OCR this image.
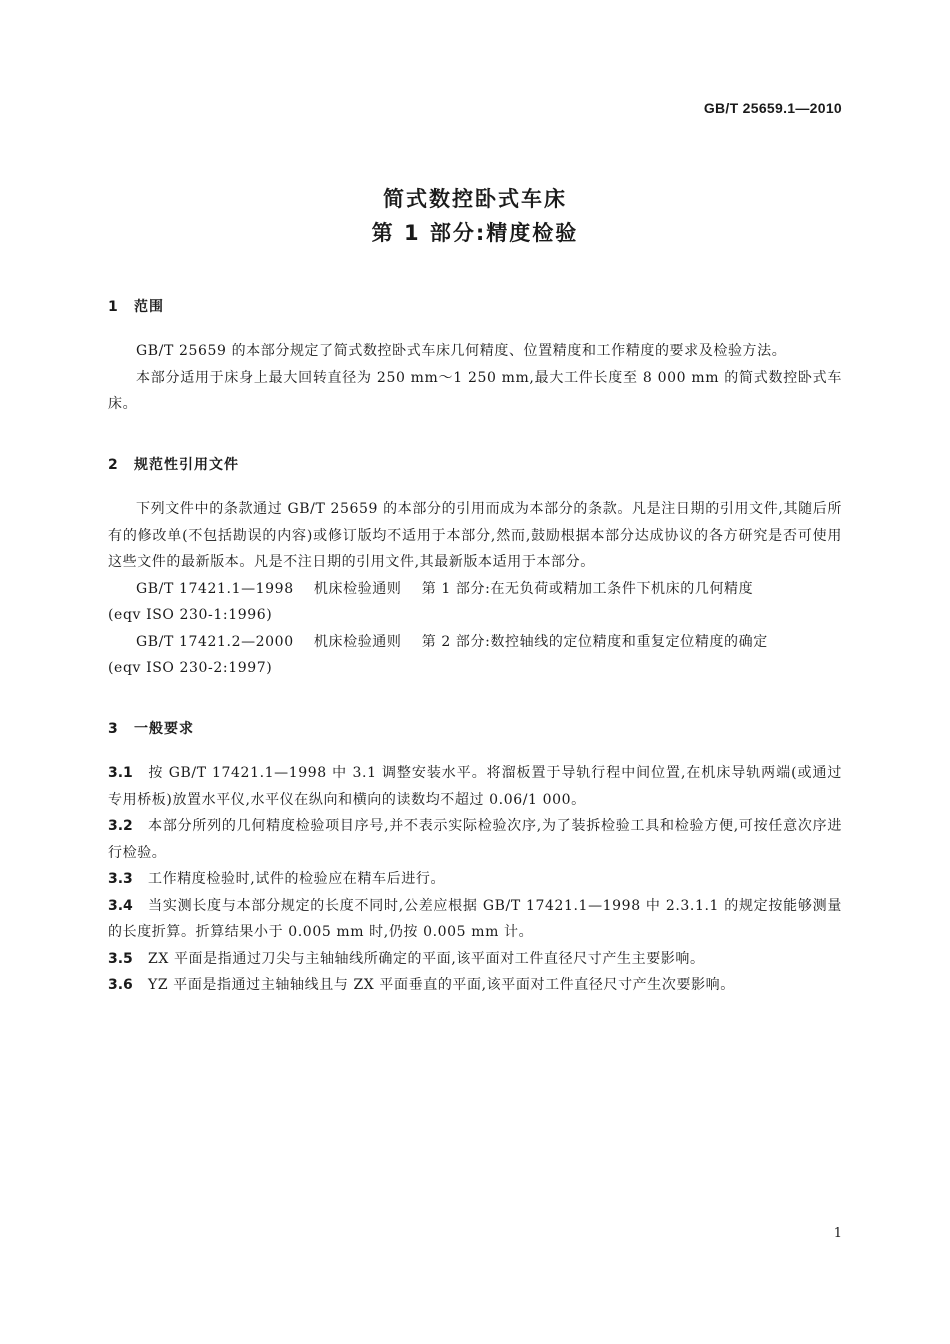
GB/T 25659.1—2010
简式数控卧式车床
第 1 部分:精度检验
1 范围

GB/T 25659 的本部分规定了简式数控卧式车床几何精度、位置精度和工作精度的要求及检验方法。

本部分适用于床身上最大回转直径为 250 mm～1 250 mm,最大工件长度至 8 000 mm 的简式数控卧式车床。

2 规范性引用文件

下列文件中的条款通过 GB/T 25659 的本部分的引用而成为本部分的条款。凡是注日期的引用文件,其随后所有的修改单(不包括勘误的内容)或修订版均不适用于本部分,然而,鼓励根据本部分达成协议的各方研究是否可使用这些文件的最新版本。凡是不注日期的引用文件,其最新版本适用于本部分。

GB/T 17421.1—1998 机床检验通则 第 1 部分:在无负荷或精加工条件下机床的几何精度
(eqv ISO 230-1:1996)
GB/T 17421.2—2000 机床检验通则 第 2 部分:数控轴线的定位精度和重复定位精度的确定
(eqv ISO 230-2:1997)
3 一般要求

3.1 按 GB/T 17421.1—1998 中 3.1 调整安装水平。将溜板置于导轨行程中间位置,在机床导轨两端(或通过专用桥板)放置水平仪,水平仪在纵向和横向的读数均不超过 0.06/1 000。

3.2 本部分所列的几何精度检验项目序号,并不表示实际检验次序,为了装拆检验工具和检验方便,可按任意次序进行检验。

3.3 工作精度检验时,试件的检验应在精车后进行。

3.4 当实测长度与本部分规定的长度不同时,公差应根据 GB/T 17421.1—1998 中 2.3.1.1 的规定按能够测量的长度折算。折算结果小于 0.005 mm 时,仍按 0.005 mm 计。

3.5 ZX 平面是指通过刀尖与主轴轴线所确定的平面,该平面对工件直径尺寸产生主要影响。

3.6 YZ 平面是指通过主轴轴线且与 ZX 平面垂直的平面,该平面对工件直径尺寸产生次要影响。

1
